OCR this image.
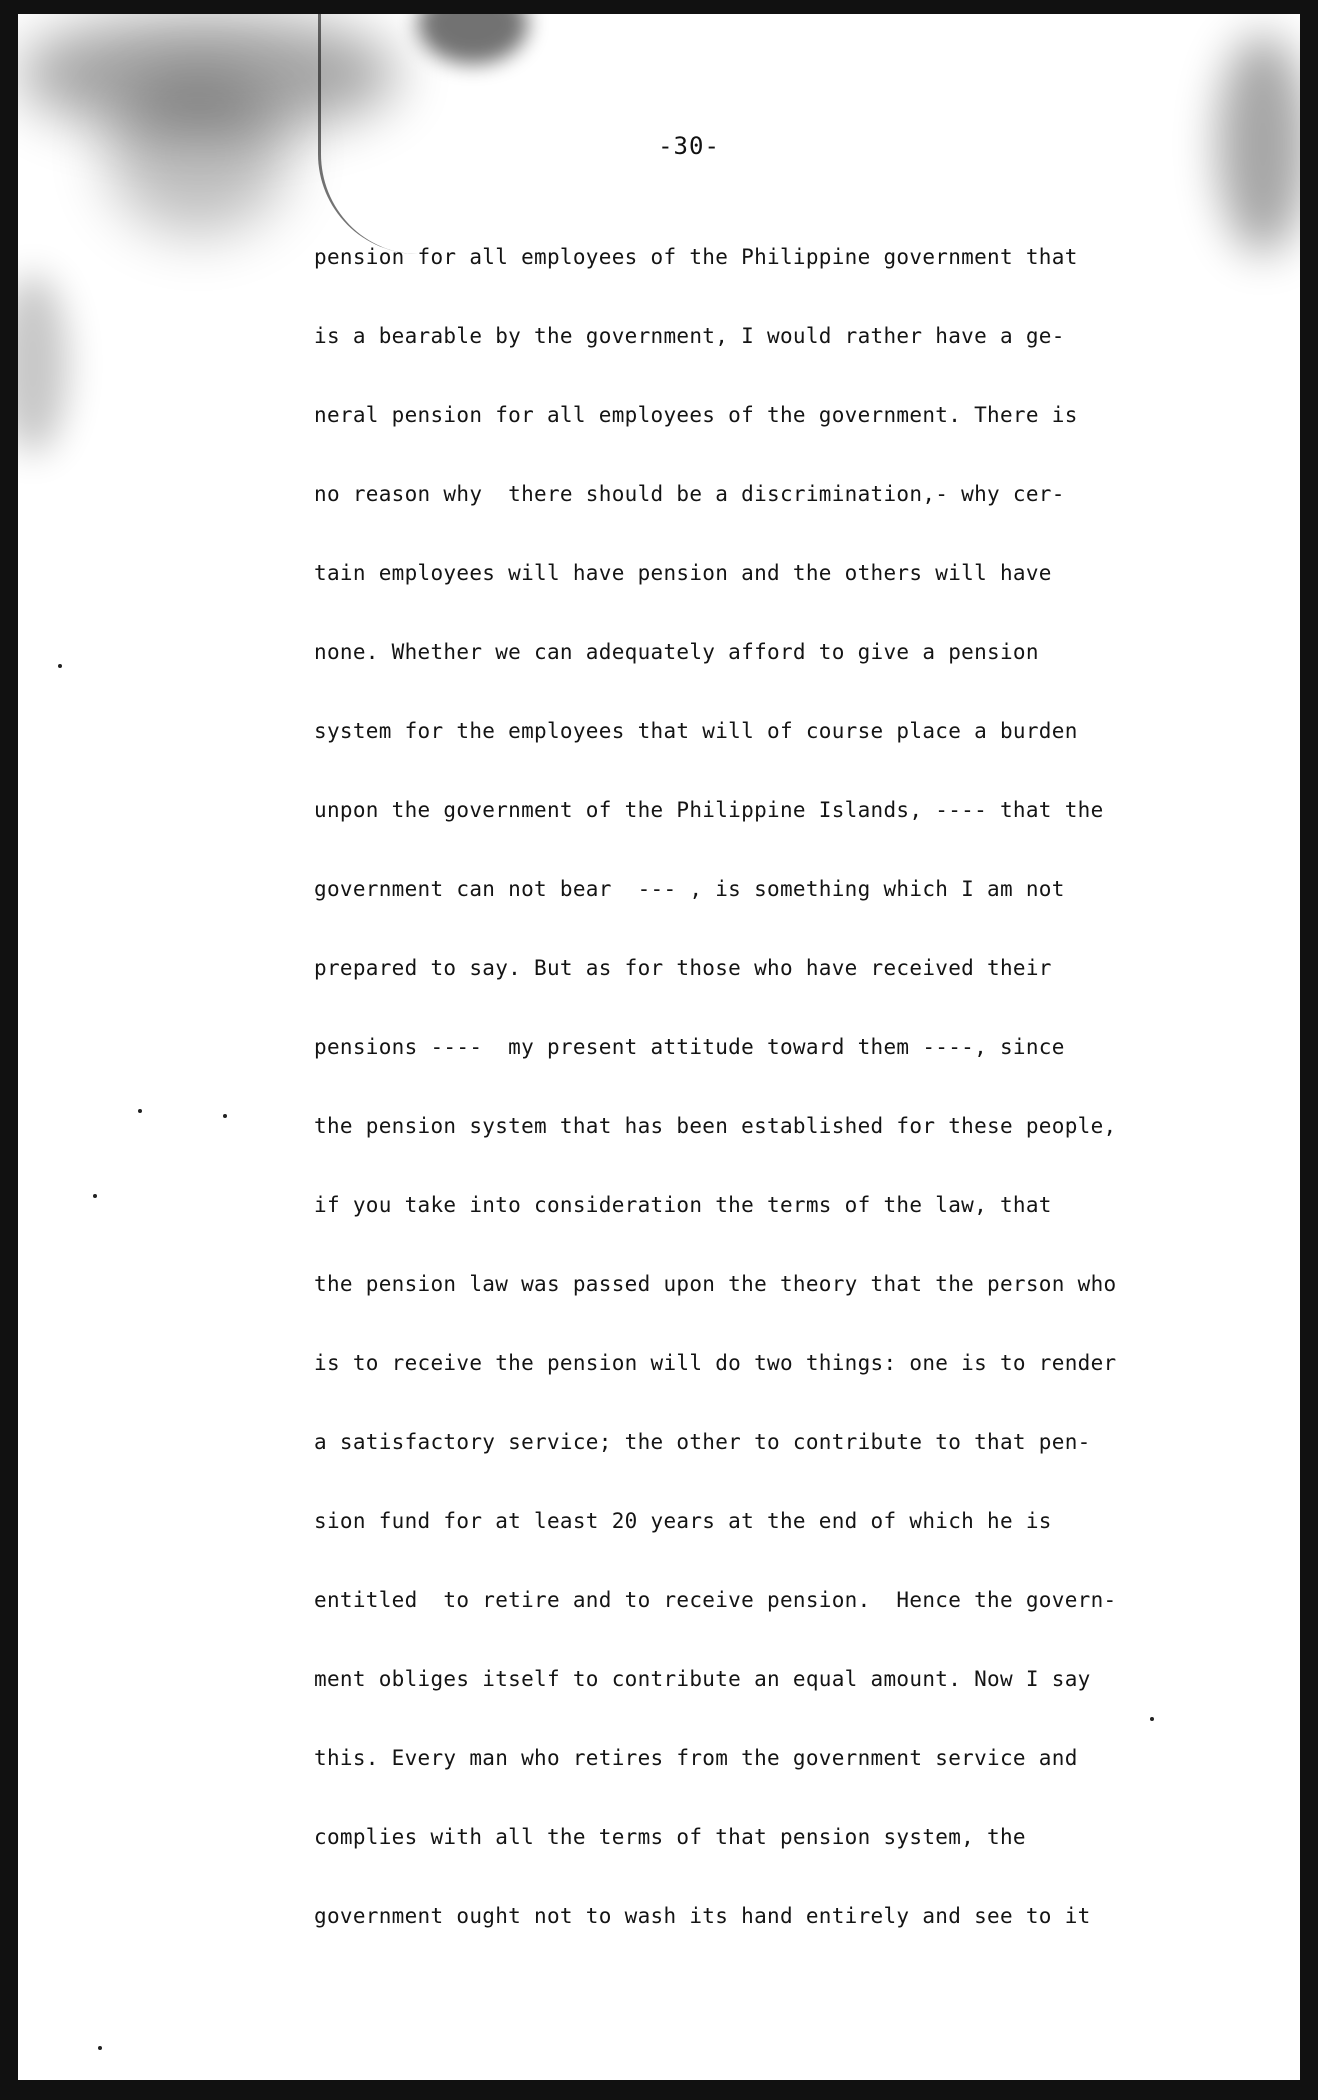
-30-
pension for all employees of the Philippine government that
is a bearable by the government, I would rather have a ge-
neral pension for all employees of the government. There is
no reason why  there should be a discrimination,- why cer-
tain employees will have pension and the others will have
none. Whether we can adequately afford to give a pension
system for the employees that will of course place a burden
unpon the government of the Philippine Islands, ---- that the
government can not bear  --- , is something which I am not
prepared to say. But as for those who have received their
pensions ----  my present attitude toward them ----, since
the pension system that has been established for these people,
if you take into consideration the terms of the law, that
the pension law was passed upon the theory that the person who
is to receive the pension will do two things: one is to render
a satisfactory service; the other to contribute to that pen-
sion fund for at least 20 years at the end of which he is
entitled  to retire and to receive pension.  Hence the govern-
ment obliges itself to contribute an equal amount. Now I say
this. Every man who retires from the government service and
complies with all the terms of that pension system, the
government ought not to wash its hand entirely and see to it
